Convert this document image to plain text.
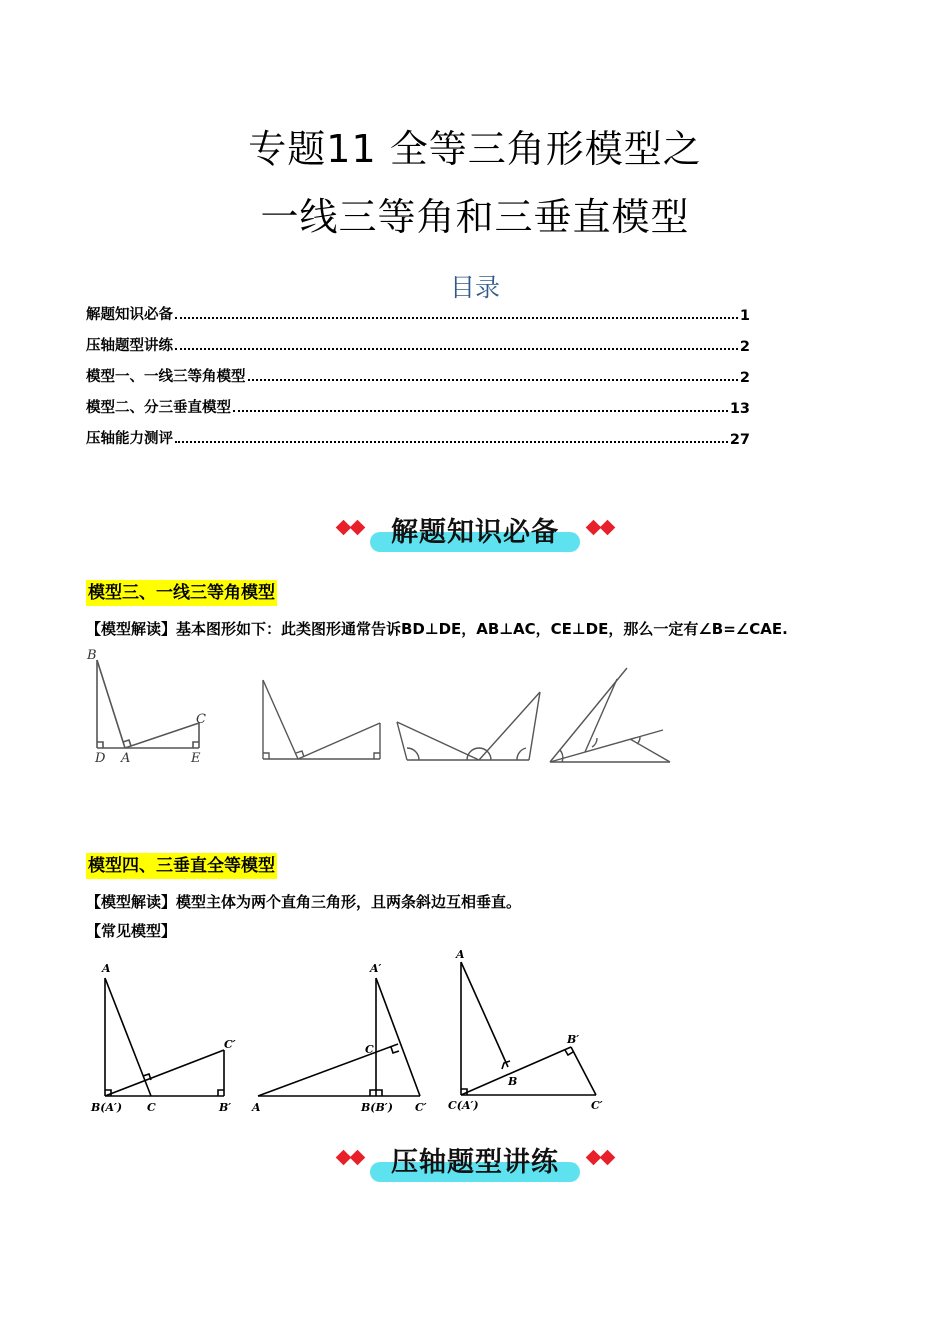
专题11 全等三角形模型之
一线三等角和三垂直模型
目录
解题知识必备	1
压轴题型讲练	2
模型一、一线三等角模型	2
模型二、分三垂直模型	13
压轴能力测评	27
解题知识必备
模型三、一线三等角模型
【模型解读】基本图形如下：此类图形通常告诉BD⊥DE，AB⊥AC，CE⊥DE，那么一定有∠B=∠CAE.
B
C
D A	E
模型四、三垂直全等模型
【模型解读】模型主体为两个直角三角形，且两条斜边互相垂直。
【常见模型】
A
C′
B(A′) C	B′
A′
C
A	B(B′) C′
A
B′
B
C(A′)	C′
压轴题型讲练
